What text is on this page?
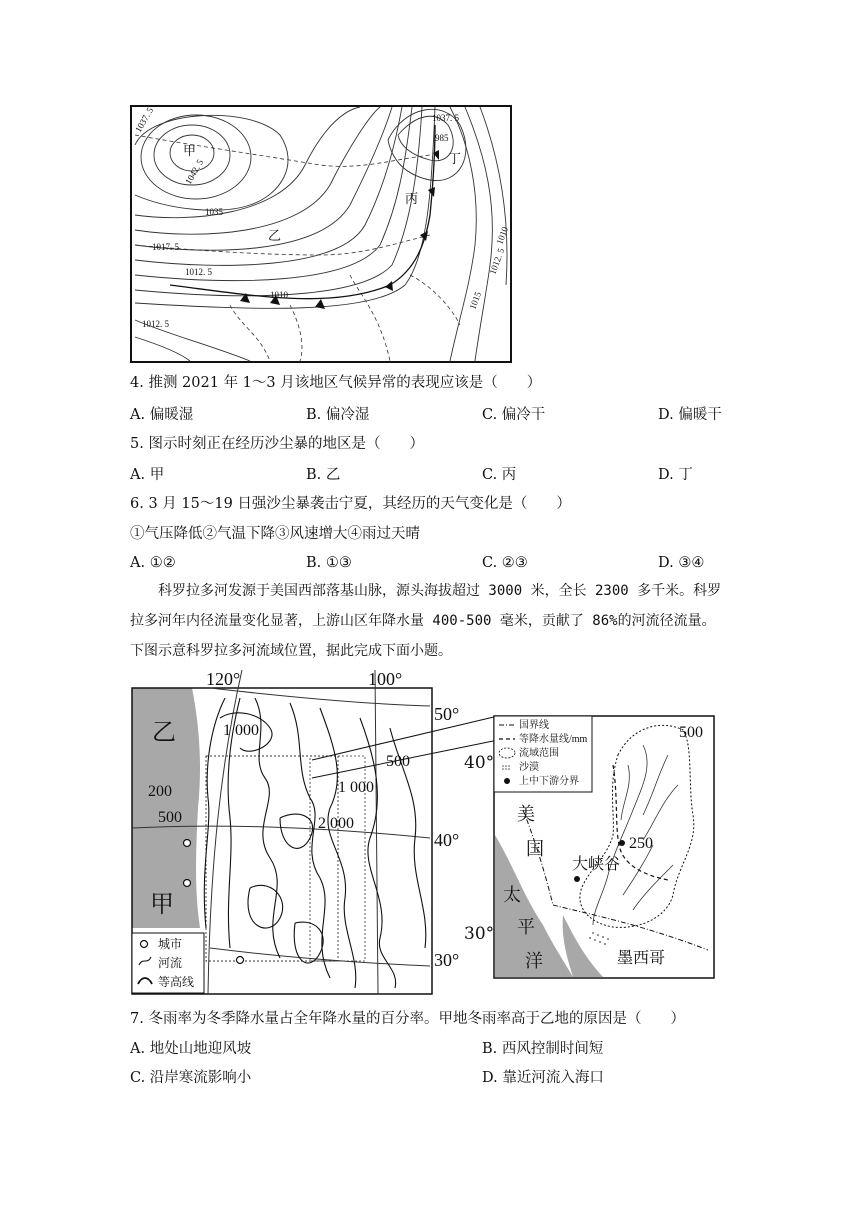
甲
乙
丙
丁
1037. 5
1042. 5
1035
1017. 5
1012. 5
1010
1012. 5
1012. 5
1010
1015
1037. 5
985
4. 推测 2021 年 1～3 月该地区气候异常的表现应该是（　　）
A. 偏暖湿	B. 偏冷湿	C. 偏冷干	D. 偏暖干
5. 图示时刻正在经历沙尘暴的地区是（　　）
A. 甲	B. 乙	C. 丙	D. 丁
6. 3 月 15～19 日强沙尘暴袭击宁夏，其经历的天气变化是（　　）
①气压降低②气温下降③风速增大④雨过天晴
A. ①②	B. ①③	C. ②③	D. ③④
科罗拉多河发源于美国西部落基山脉，源头海拔超过 3000 米，全长 2300 多千米。科罗
拉多河年内径流量变化显著，上游山区年降水量 400-500 毫米，贡献了 86%的河流径流量。
下图示意科罗拉多河流域位置，据此完成下面小题。
城市
河流
等高线
120°	100°
50°
40°
30°
乙
甲
1 000
1 000
2 000
500
200
500
国界线
等降水量线/mm
流域范围
沙漠
上中下游分界
500
250
大峡谷
墨西哥
美
国
太
平
洋
40°
30°
7. 冬雨率为冬季降水量占全年降水量的百分率。甲地冬雨率高于乙地的原因是（　　）
A. 地处山地迎风坡	B. 西风控制时间短
C. 沿岸寒流影响小	D. 靠近河流入海口
